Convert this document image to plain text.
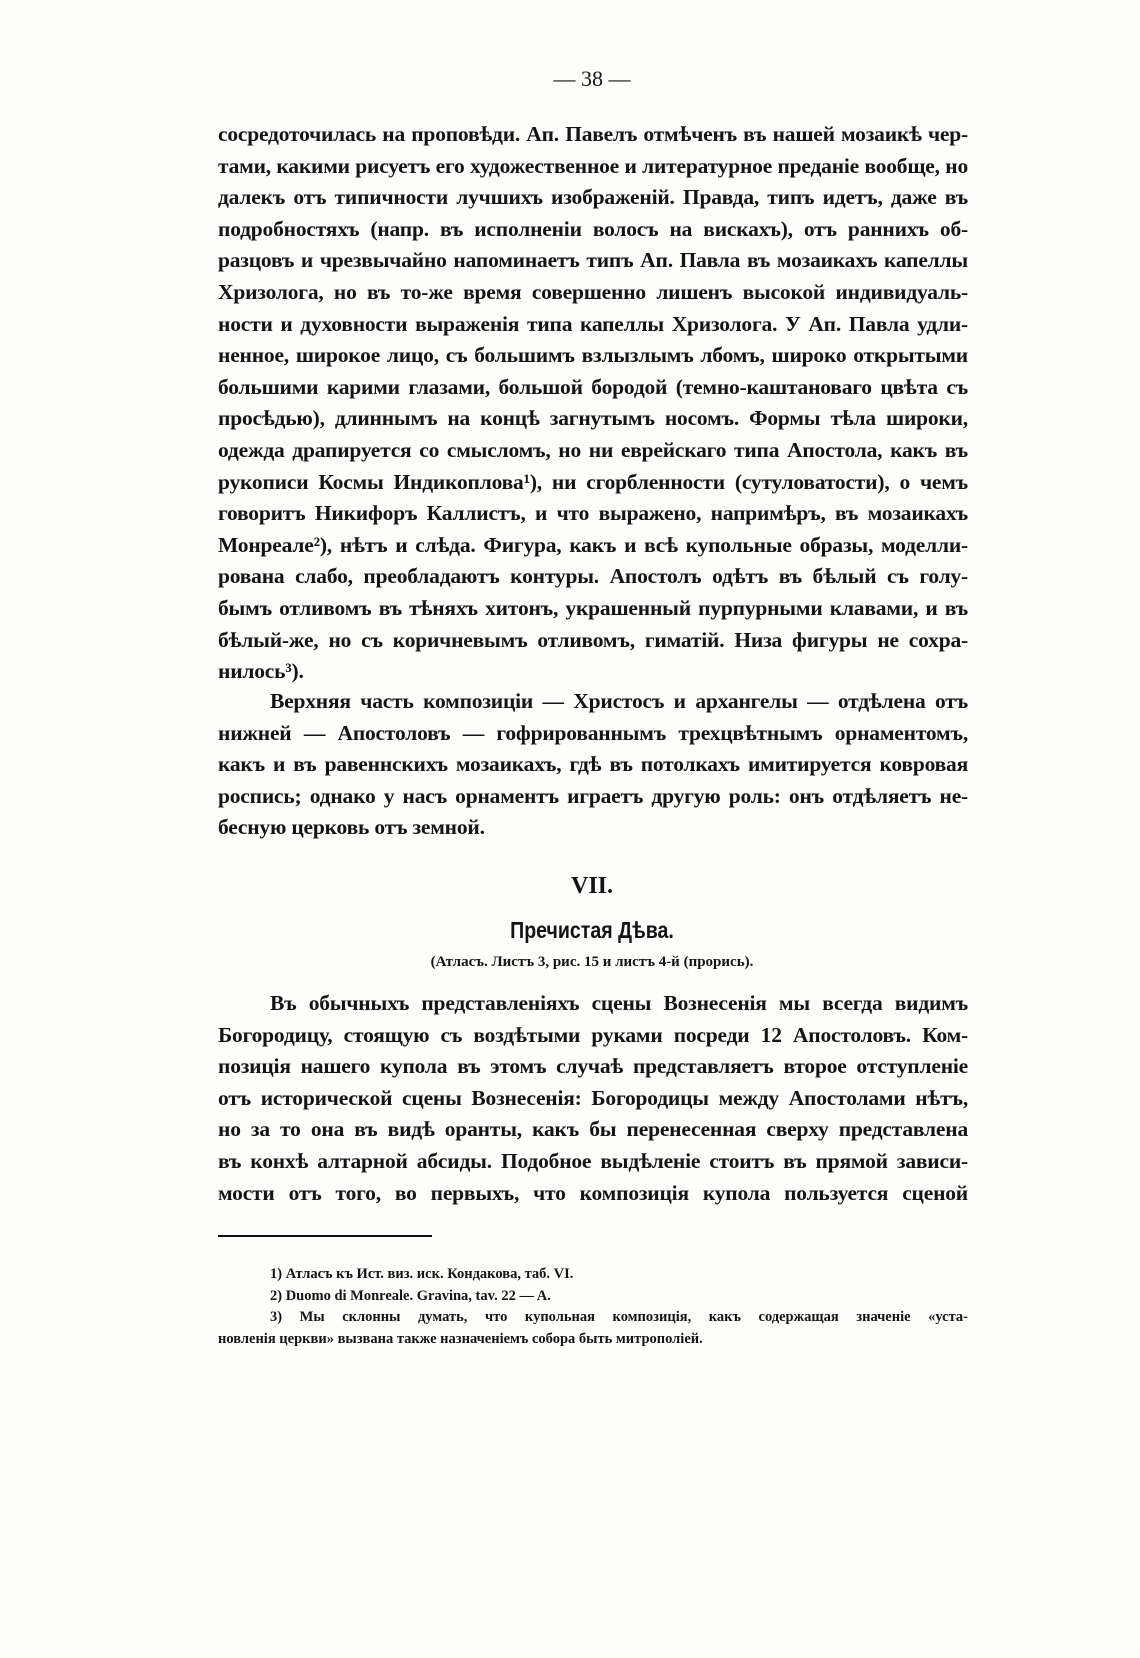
— 38 —
сосредоточилась на проповѣди. Ап. Павелъ отмѣченъ въ нашей мозаикѣ чер-
тами, какими рисуетъ его художественное и литературное преданіе вообще, но
далекъ отъ типичности лучшихъ изображеній. Правда, типъ идетъ, даже въ
подробностяхъ (напр. въ исполненіи волосъ на вискахъ), отъ раннихъ об-
разцовъ и чрезвычайно напоминаетъ типъ Ап. Павла въ мозаикахъ капеллы
Хризолога, но въ то-же время совершенно лишенъ высокой индивидуаль-
ности и духовности выраженія типа капеллы Хризолога. У Ап. Павла удли-
ненное, широкое лицо, съ большимъ взлызлымъ лбомъ, широко открытыми
большими карими глазами, большой бородой (темно-каштановаго цвѣта съ
просѣдью), длиннымъ на концѣ загнутымъ носомъ. Формы тѣла широки,
одежда драпируется со смысломъ, но ни еврейскаго типа Апостола, какъ въ
рукописи Космы Индикоплова¹), ни сгорбленности (сутуловатости), о чемъ
говоритъ Никифоръ Каллистъ, и что выражено, напримѣръ, въ мозаикахъ
Монреале²), нѣтъ и слѣда. Фигура, какъ и всѣ купольные образы, моделли-
рована слабо, преобладаютъ контуры. Апостолъ одѣтъ въ бѣлый съ голу-
бымъ отливомъ въ тѣняхъ хитонъ, украшенный пурпурными клавами, и въ
бѣлый-же, но съ коричневымъ отливомъ, гиматій. Низа фигуры не сохра-
нилось³).
Верхняя часть композиціи — Христосъ и архангелы — отдѣлена отъ
нижней — Апостоловъ — гофрированнымъ трехцвѣтнымъ орнаментомъ,
какъ и въ равеннскихъ мозаикахъ, гдѣ въ потолкахъ имитируется ковровая
роспись; однако у насъ орнаментъ играетъ другую роль: онъ отдѣляетъ не-
бесную церковь отъ земной.
VII.
Пречистая Дѣва.
(Атласъ. Листъ 3, рис. 15 и листъ 4-й (прорись).
Въ обычныхъ представленіяхъ сцены Вознесенія мы всегда видимъ
Богородицу, стоящую съ воздѣтыми руками посреди 12 Апостоловъ. Ком-
позиція нашего купола въ этомъ случаѣ представляетъ второе отступленіе
отъ исторической сцены Вознесенія: Богородицы между Апостолами нѣтъ,
но за то она въ видѣ оранты, какъ бы перенесенная сверху представлена
въ конхѣ алтарной абсиды. Подобное выдѣленіе стоитъ въ прямой зависи-
мости отъ того, во первыхъ, что композиція купола пользуется сценой
1) Атласъ къ Ист. виз. иск. Кондакова, таб. VI.
2) Duomo di Monreale. Gravina, tav. 22 — A.
3) Мы склонны думать, что купольная композиція, какъ содержащая значеніе «уста-
новленія церкви» вызвана также назначеніемъ собора быть митрополіей.
